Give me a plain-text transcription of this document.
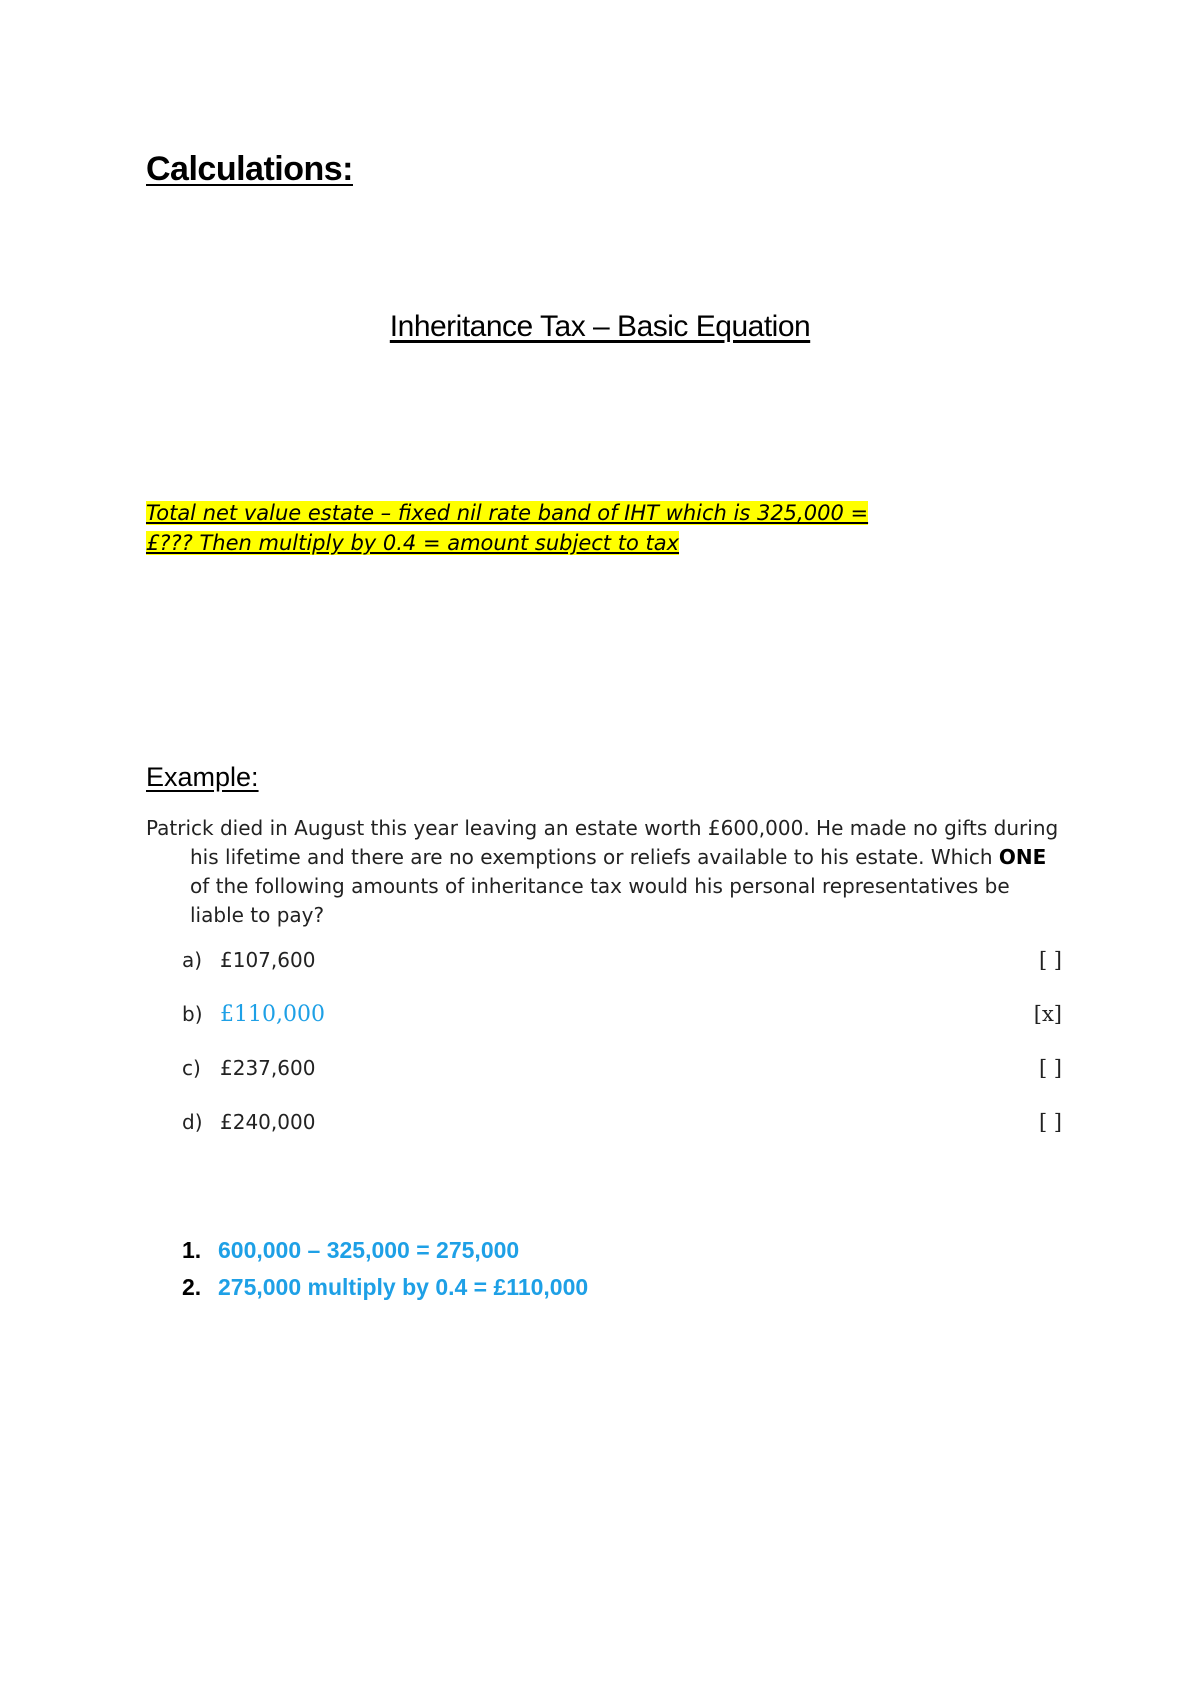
Calculations:
Inheritance Tax – Basic Equation

Total net value estate – fixed nil rate band of IHT which is 325,000 =
£??? Then multiply by 0.4 = amount subject to tax

Example:

Patrick died in August this year leaving an estate worth £600,000. He made no gifts during his lifetime and there are no exemptions or reliefs available to his estate. Which ONE of the following amounts of inheritance tax would his personal representatives be liable to pay?

a) £107,600	[ ]
b) £110,000	[x]
c) £237,600	[ ]
d) £240,000	[ ]
1. 600,000 – 325,000 = 275,000
2. 275,000 multiply by 0.4 = £110,000
